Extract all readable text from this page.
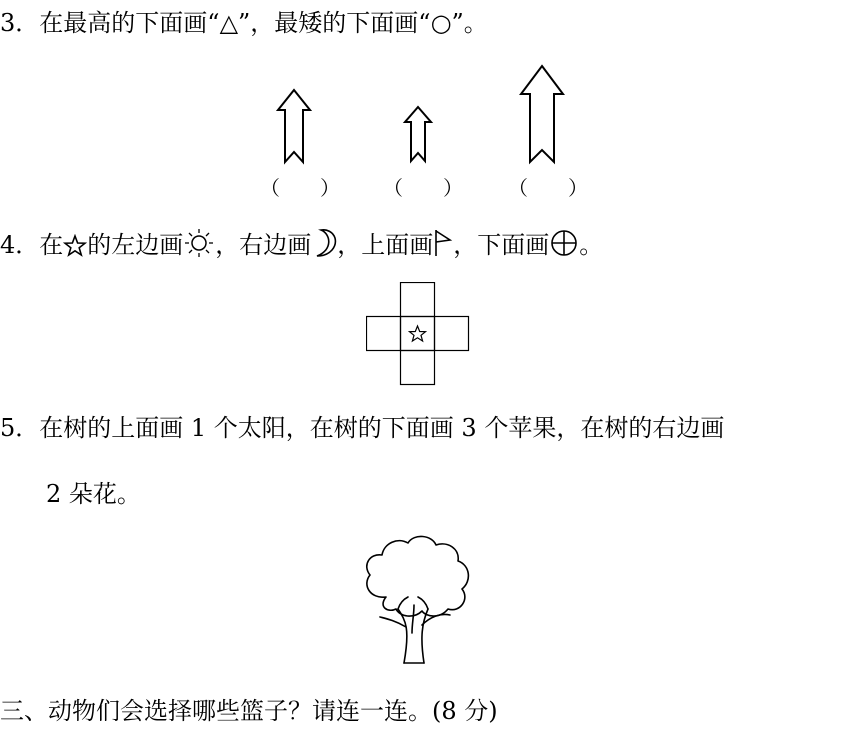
3．在最高的下面画“△”，最矮的下面画“○”。
（　　） （　　） （　　）
4．在 的左边画 ，右边画 ，上面画 ，下面画 。
5．在树的上面画 1 个太阳，在树的下面画 3 个苹果，在树的右边画
2 朵花。
三、动物们会选择哪些篮子？请连一连。(8 分)
